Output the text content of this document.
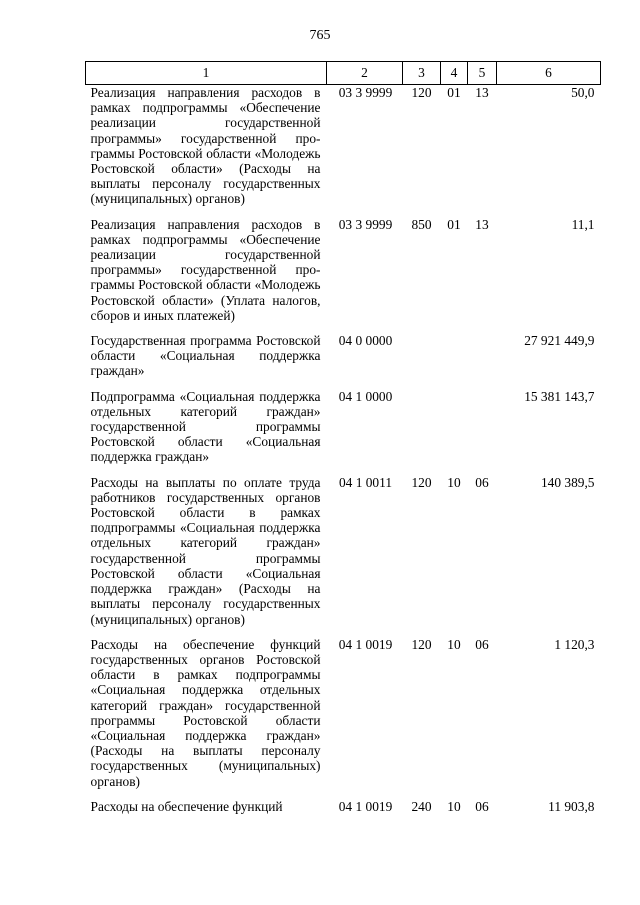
765
1	2	3	4	5	6
Реализация направления расходов в рамках подпрограммы «Обеспечение реализации государственной программы» государственной программы Ростовской области «Молодежь Ростовской области» (Расходы на выплаты персоналу государственных (муниципальных) органов)	03 3 9999	120	01	13	50,0
Реализация направления расходов в рамках подпрограммы «Обеспечение реализации государственной программы» государственной программы Ростовской области «Молодежь Ростовской области» (Уплата налогов, сборов и иных платежей)	03 3 9999	850	01	13	11,1
Государственная программа Ростовской области «Социальная поддержка граждан»	04 0 0000				27 921 449,9
Подпрограмма «Социальная поддержка отдельных категорий граждан» государственной программы Ростовской области «Социальная поддержка граждан»	04 1 0000				15 381 143,7
Расходы на выплаты по оплате труда работников государственных органов Ростовской области в рамках подпрограммы «Социальная поддержка отдельных категорий граждан» государственной программы Ростовской области «Социальная поддержка граждан» (Расходы на выплаты персоналу государственных (муниципальных) органов)	04 1 0011	120	10	06	140 389,5
Расходы на обеспечение функций государственных органов Ростовской области в рамках подпрограммы «Социальная поддержка отдельных категорий граждан» государственной программы Ростовской области «Социальная поддержка граждан» (Расходы на выплаты персоналу государственных (муниципальных) органов)	04 1 0019	120	10	06	1 120,3
Расходы на обеспечение функций	04 1 0019	240	10	06	11 903,8
